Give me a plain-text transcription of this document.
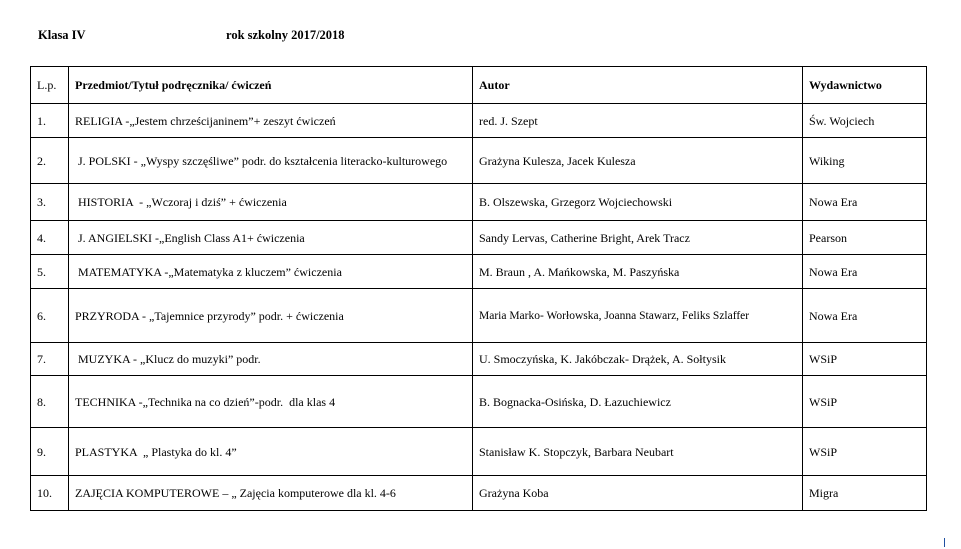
Klasa IV	rok szkolny 2017/2018
L.p.	Przedmiot/Tytuł podręcznika/ ćwiczeń	Autor	Wydawnictwo
1.	RELIGIA -„Jestem chrześcijaninem”+ zeszyt ćwiczeń	red. J. Szept	Św. Wojciech
2.	J. POLSKI - „Wyspy szczęśliwe” podr. do kształcenia literacko-kulturowego	Grażyna Kulesza, Jacek Kulesza	Wiking
3.	HISTORIA  - „Wczoraj i dziś” + ćwiczenia	B. Olszewska, Grzegorz Wojciechowski	Nowa Era
4.	J. ANGIELSKI -„English Class A1+ ćwiczenia	Sandy Lervas, Catherine Bright, Arek Tracz	Pearson
5.	MATEMATYKA -„Matematyka z kluczem” ćwiczenia	M. Braun , A. Mańkowska, M. Paszyńska	Nowa Era
6.	PRZYRODA - „Tajemnice przyrody” podr. + ćwiczenia	Maria Marko- Worłowska, Joanna Stawarz, Feliks Szlaffer	Nowa Era
7.	MUZYKA - „Klucz do muzyki” podr.	U. Smoczyńska, K. Jakóbczak- Drążek, A. Sołtysik	WSiP
8.	TECHNIKA -„Technika na co dzień”-podr.  dla klas 4	B. Bognacka-Osińska, D. Łazuchiewicz	WSiP
9.	PLASTYKA  „ Plastyka do kl. 4”	Stanisław K. Stopczyk, Barbara Neubart	WSiP
10.	ZAJĘCIA KOMPUTEROWE – „ Zajęcia komputerowe dla kl. 4-6	Grażyna Koba	Migra
